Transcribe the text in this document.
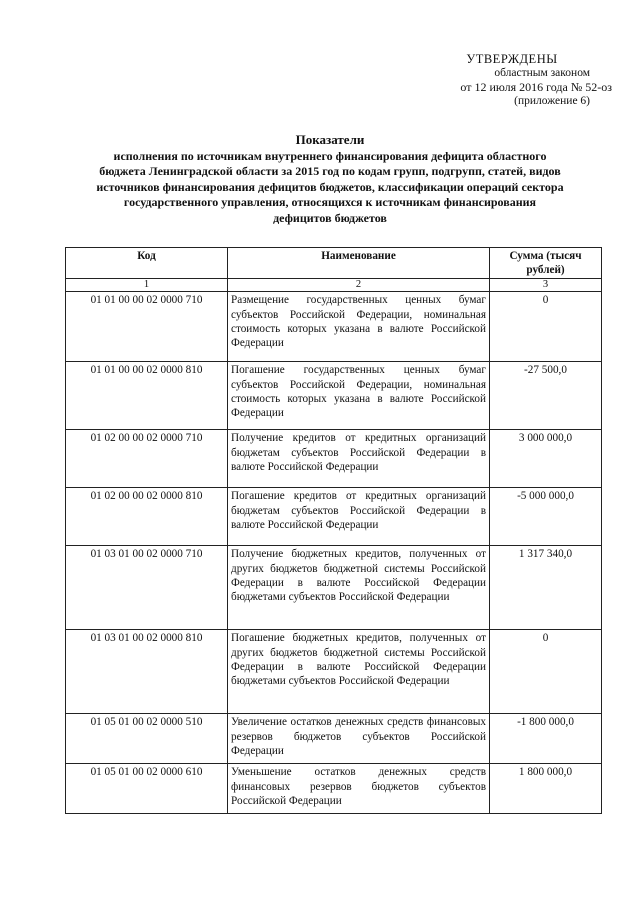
УТВЕРЖДЕНЫ
областным законом
от 12 июля 2016 года № 52-оз
(приложение 6)
Показатели
исполнения по источникам внутреннего финансирования дефицита областного
бюджета Ленинградской области за 2015 год по кодам групп, подгрупп, статей, видов
источников финансирования дефицитов бюджетов, классификации операций сектора
государственного управления, относящихся к источникам финансирования
дефицитов бюджетов
Код	Наименование	Сумма (тысяч рублей)
1	2	3
01 01 00 00 02 0000 710	Размещение государственных ценных бумаг субъектов Российской Федерации, номинальная стоимость которых указана в валюте Российской Федерации	0
01 01 00 00 02 0000 810	Погашение государственных ценных бумаг субъектов Российской Федерации, номинальная стоимость которых указана в валюте Российской Федерации	-27 500,0
01 02 00 00 02 0000 710	Получение кредитов от кредитных организаций бюджетам субъектов Российской Федерации в валюте Российской Федерации	3 000 000,0
01 02 00 00 02 0000 810	Погашение кредитов от кредитных организаций бюджетам субъектов Российской Федерации в валюте Российской Федерации	-5 000 000,0
01 03 01 00 02 0000 710	Получение бюджетных кредитов, полученных от других бюджетов бюджетной системы Российской Федерации в валюте Российской Федерации бюджетами субъектов Российской Федерации	1 317 340,0
01 03 01 00 02 0000 810	Погашение бюджетных кредитов, полученных от других бюджетов бюджетной системы Российской Федерации в валюте Российской Федерации бюджетами субъектов Российской Федерации	0
01 05 01 00 02 0000 510	Увеличение остатков денежных средств финансовых резервов бюджетов субъектов Российской Федерации	-1 800 000,0
01 05 01 00 02 0000 610	Уменьшение остатков денежных средств финансовых резервов бюджетов субъектов Российской Федерации	1 800 000,0
